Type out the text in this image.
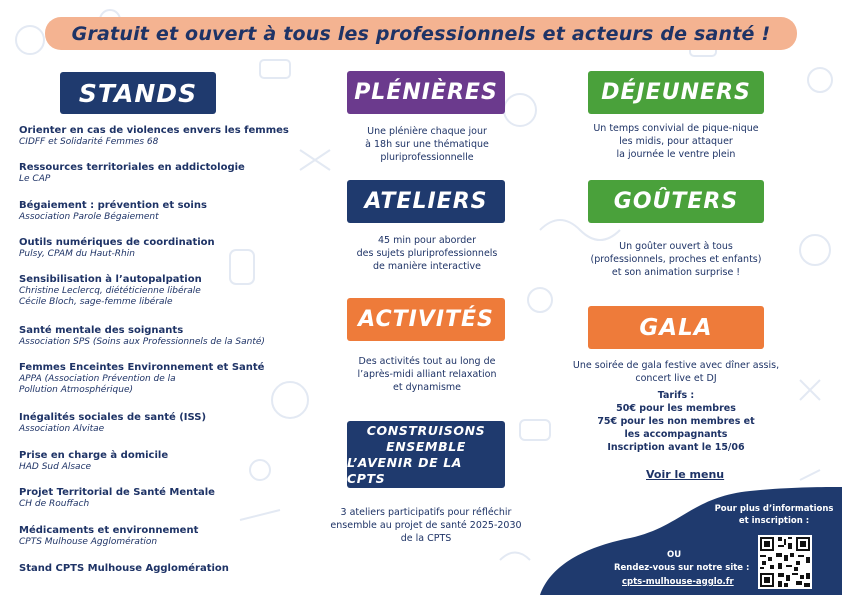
Gratuit et ouvert à tous les professionnels et acteurs de santé !
STANDS
Orienter en cas de violences envers les femmes
CIDFF et Solidarité Femmes 68
Ressources territoriales en addictologie
Le CAP
Bégaiement : prévention et soins
Association Parole Bégaiement
Outils numériques de coordination
Pulsy, CPAM du Haut-Rhin
Sensibilisation à l’autopalpation
Christine Leclercq, diététicienne libérale
Cécile Bloch, sage-femme libérale
Santé mentale des soignants
Association SPS (Soins aux Professionnels de la Santé)
Femmes Enceintes Environnement et Santé
APPA (Association Prévention de la
Pollution Atmosphérique)
Inégalités sociales de santé (ISS)
Association Alvitae
Prise en charge à domicile
HAD Sud Alsace
Projet Territorial de Santé Mentale
CH de Rouffach
Médicaments et environnement
CPTS Mulhouse Agglomération
Stand CPTS Mulhouse Agglomération
PLÉNIÈRES
Une plénière chaque jour
à 18h sur une thématique
pluriprofessionnelle
ATELIERS
45 min pour aborder
des sujets pluriprofessionnels
de manière interactive
ACTIVITÉS
Des activités tout au long de
l’après-midi alliant relaxation
et dynamisme
CONSTRUISONS
ENSEMBLE
L’AVENIR DE LA CPTS
3 ateliers participatifs pour réfléchir
ensemble au projet de santé 2025-2030
de la CPTS
DÉJEUNERS
Un temps convivial de pique-nique
les midis, pour attaquer
la journée le ventre plein
GOÛTERS
Un goûter ouvert à tous
(professionnels, proches et enfants)
et son animation surprise !
GALA
Une soirée de gala festive avec dîner assis,
concert live et DJ
Tarifs :
50€ pour les membres
75€ pour les non membres et
les accompagnants
Inscription avant le 15/06
Voir le menu
Pour plus d’informations
et inscription :
OU
Rendez-vous sur notre site :
cpts-mulhouse-agglo.fr
